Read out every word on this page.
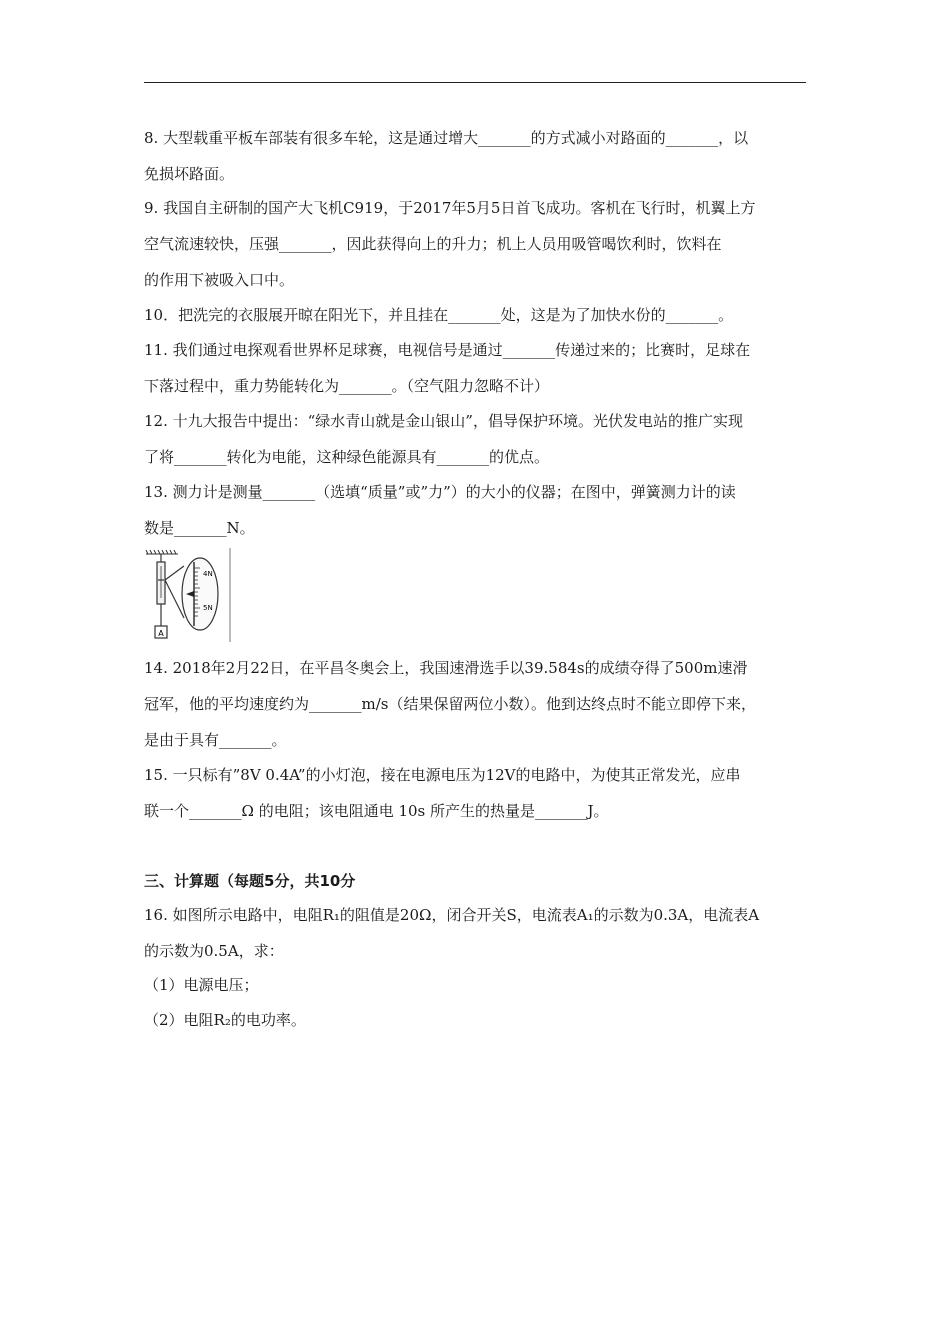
8. 大型载重平板车部装有很多车轮，这是通过增大_______的方式减小对路面的_______，以
免损坏路面。
9. 我国自主研制的国产大飞机C919，于2017年5月5日首飞成功。客机在飞行时，机翼上方
空气流速较快，压强_______，因此获得向上的升力；机上人员用吸管喝饮利时，饮料在
的作用下被吸入口中。
10．把洗完的衣服展开晾在阳光下，并且挂在_______处，这是为了加快水份的_______。
11. 我们通过电探观看世界杯足球赛，电视信号是通过_______传递过来的；比赛时，足球在
下落过程中，重力势能转化为_______。（空气阻力忽略不计）
12. 十九大报告中提出：“绿水青山就是金山银山”，倡导保护环境。光伏发电站的推广实现
了将_______转化为电能，这种绿色能源具有_______的优点。
13. 测力计是测量_______（选填“质量”或”力”）的大小的仪器；在图中，弹簧测力计的读
数是_______N。
A
4N
5N
14. 2018年2月22日，在平昌冬奥会上，我国速滑选手以39.584s的成绩夺得了500m速滑
冠军，他的平均速度约为_______m/s（结果保留两位小数）。他到达终点时不能立即停下来，
是由于具有_______。
15. 一只标有”8V 0.4A”的小灯泡，接在电源电压为12V的电路中，为使其正常发光，应串
联一个_______Ω 的电阻；该电阻通电 10s 所产生的热量是_______J。
三、计算题（每题5分，共10分
16. 如图所示电路中，电阻R₁的阻值是20Ω，闭合开关S，电流表A₁的示数为0.3A，电流表A
的示数为0.5A，求：
（1）电源电压；
（2）电阻R₂的电功率。
